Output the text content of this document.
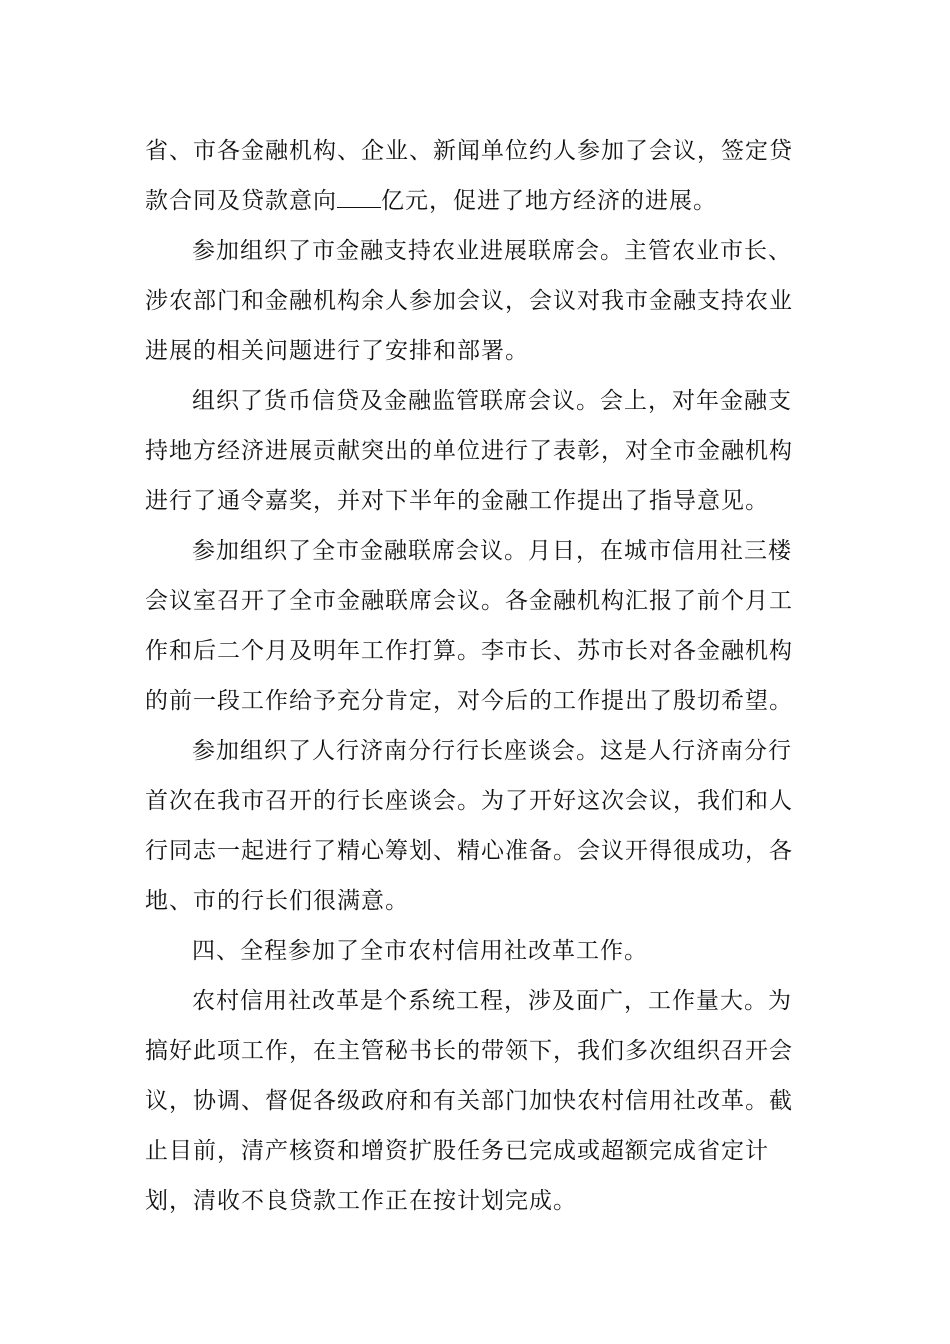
省、市各金融机构、企业、新闻单位约人参加了会议，签定贷款合同及贷款意向 亿元，促进了地方经济的进展。

参加组织了市金融支持农业进展联席会。主管农业市长、涉农部门和金融机构余人参加会议，会议对我市金融支持农业进展的相关问题进行了安排和部署。

组织了货币信贷及金融监管联席会议。会上，对年金融支持地方经济进展贡献突出的单位进行了表彰，对全市金融机构进行了通令嘉奖，并对下半年的金融工作提出了指导意见。

参加组织了全市金融联席会议。月日，在城市信用社三楼会议室召开了全市金融联席会议。各金融机构汇报了前个月工作和后二个月及明年工作打算。李市长、苏市长对各金融机构的前一段工作给予充分肯定，对今后的工作提出了殷切希望。

参加组织了人行济南分行行长座谈会。这是人行济南分行首次在我市召开的行长座谈会。为了开好这次会议，我们和人行同志一起进行了精心筹划、精心准备。会议开得很成功，各地、市的行长们很满意。

四、全程参加了全市农村信用社改革工作。

农村信用社改革是个系统工程，涉及面广，工作量大。为搞好此项工作，在主管秘书长的带领下，我们多次组织召开会议，协调、督促各级政府和有关部门加快农村信用社改革。截止目前，清产核资和增资扩股任务已完成或超额完成省定计划，清收不良贷款工作正在按计划完成。
